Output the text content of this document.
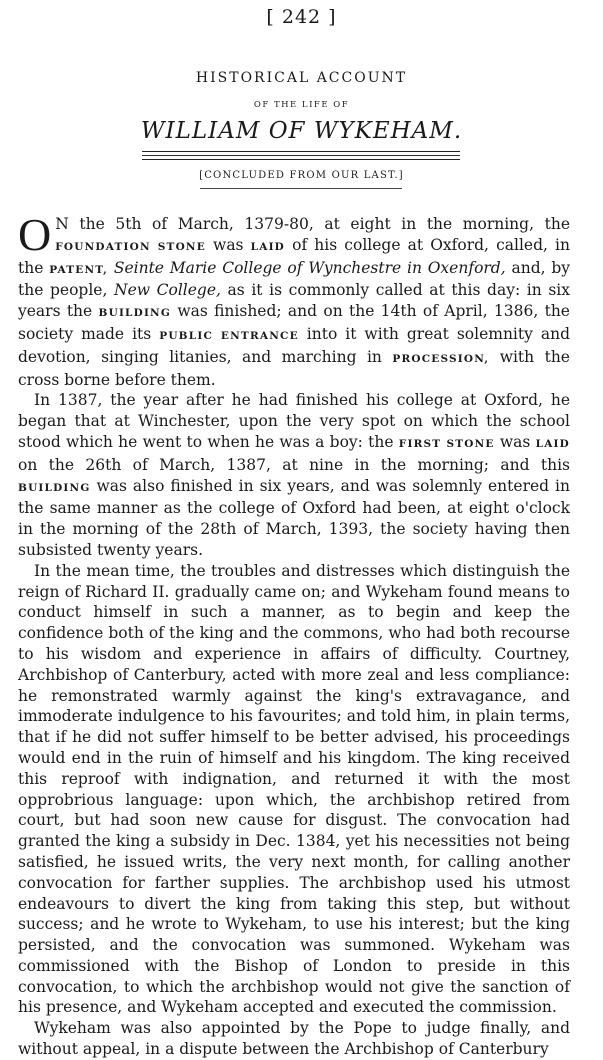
[ 242 ]
HISTORICAL ACCOUNT
OF THE LIFE OF
WILLIAM OF WYKEHAM.
[CONCLUDED FROM OUR LAST.]

O N the 5th of March, 1379-80, at eight in the morning, the FOUNDATION STONE was LAID of his college at Oxford, called, in the PATENT, Seinte Marie College of Wynchestre in Oxenford, and, by the people, New College, as it is commonly called at this day: in six years the BUILDING was finished; and on the 14th of April, 1386, the society made its PUBLIC ENTRANCE into it with great solemnity and devotion, singing litanies, and marching in PROCESSION, with the cross borne before them.

In 1387, the year after he had finished his college at Oxford, he began that at Winchester, upon the very spot on which the school stood which he went to when he was a boy: the FIRST STONE was LAID on the 26th of March, 1387, at nine in the morning; and this BUILDING was also finished in six years, and was solemnly entered in the same manner as the college of Oxford had been, at eight o'clock in the morning of the 28th of March, 1393, the society having then subsisted twenty years.

In the mean time, the troubles and distresses which distinguish the reign of Richard II. gradually came on; and Wykeham found means to conduct himself in such a manner, as to begin and keep the confidence both of the king and the commons, who had both recourse to his wisdom and experience in affairs of difficulty. Courtney, Archbishop of Canterbury, acted with more zeal and less compliance: he remonstrated warmly against the king's extravagance, and immoderate indulgence to his favourites; and told him, in plain terms, that if he did not suffer himself to be better advised, his proceedings would end in the ruin of himself and his kingdom. The king received this reproof with indignation, and returned it with the most opprobrious language: upon which, the archbishop retired from court, but had soon new cause for disgust. The convocation had granted the king a subsidy in Dec. 1384, yet his necessities not being satisfied, he issued writs, the very next month, for calling another convocation for farther supplies. The archbishop used his utmost endeavours to divert the king from taking this step, but without success; and he wrote to Wykeham, to use his interest; but the king persisted, and the convocation was summoned. Wykeham was commissioned with the Bishop of London to preside in this convocation, to which the archbishop would not give the sanction of his presence, and Wykeham accepted and executed the commission.

Wykeham was also appointed by the Pope to judge finally, and without appeal, in a dispute between the Archbishop of Canterbury
